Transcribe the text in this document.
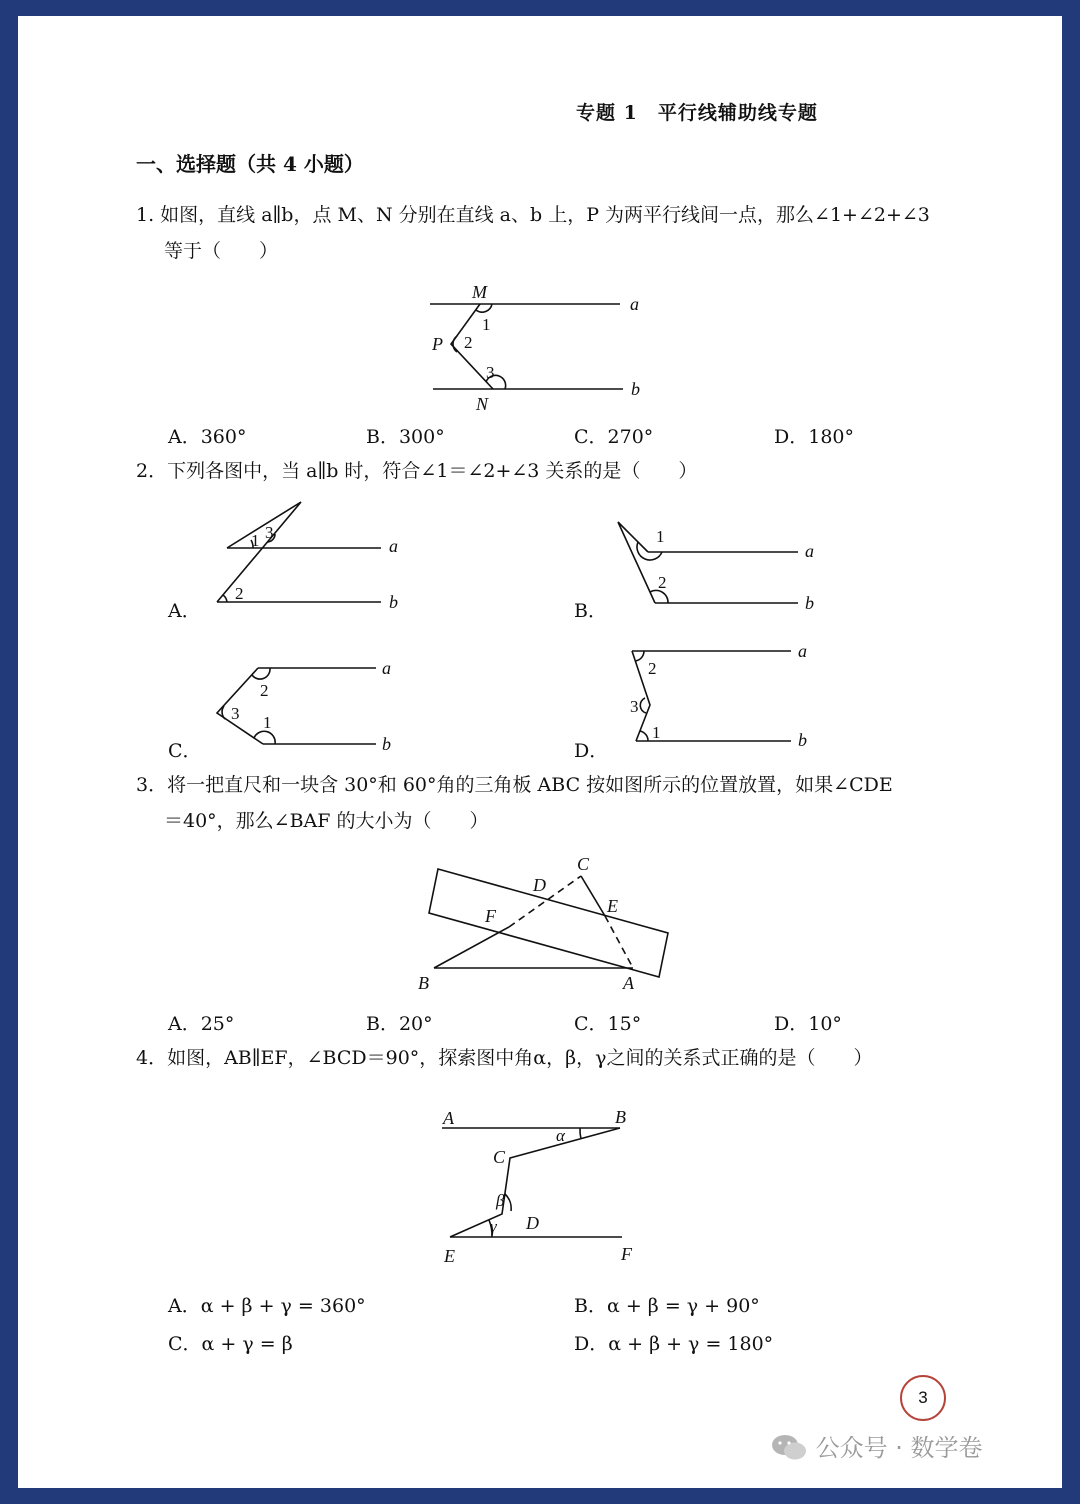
专题 1　平行线辅助线专题
一、选择题（共 4 小题）
1. 如图，直线 a∥b，点 M、N 分别在直线 a、b 上，P 为两平行线间一点，那么∠1+∠2+∠3
等于（　　）
M
a
1
P 2
3
b
N
A．360°	B．300°	C．270°	D．180°
2．下列各图中，当 a∥b 时，符合∠1＝∠2+∠3 关系的是（　　）
A．
1 3
2
a
b	B．
1
2
a
b
C．
2
3 1
a
b	D．
2
3
1
a
b
3．将一把直尺和一块含 30°和 60°角的三角板 ABC 按如图所示的位置放置，如果∠CDE
＝40°，那么∠BAF 的大小为（　　）
C
D
E
F
B	A
A．25°	B．20°	C．15°	D．10°
4．如图，AB∥EF，∠BCD＝90°，探索图中角α，β，γ之间的关系式正确的是（　　）
A	B
α
C
β
D
γ
E	F
A．α + β + γ = 360°	B．α + β = γ + 90°
C．α + γ = β	D．α + β + γ = 180°
3
公众号 · 数学卷
